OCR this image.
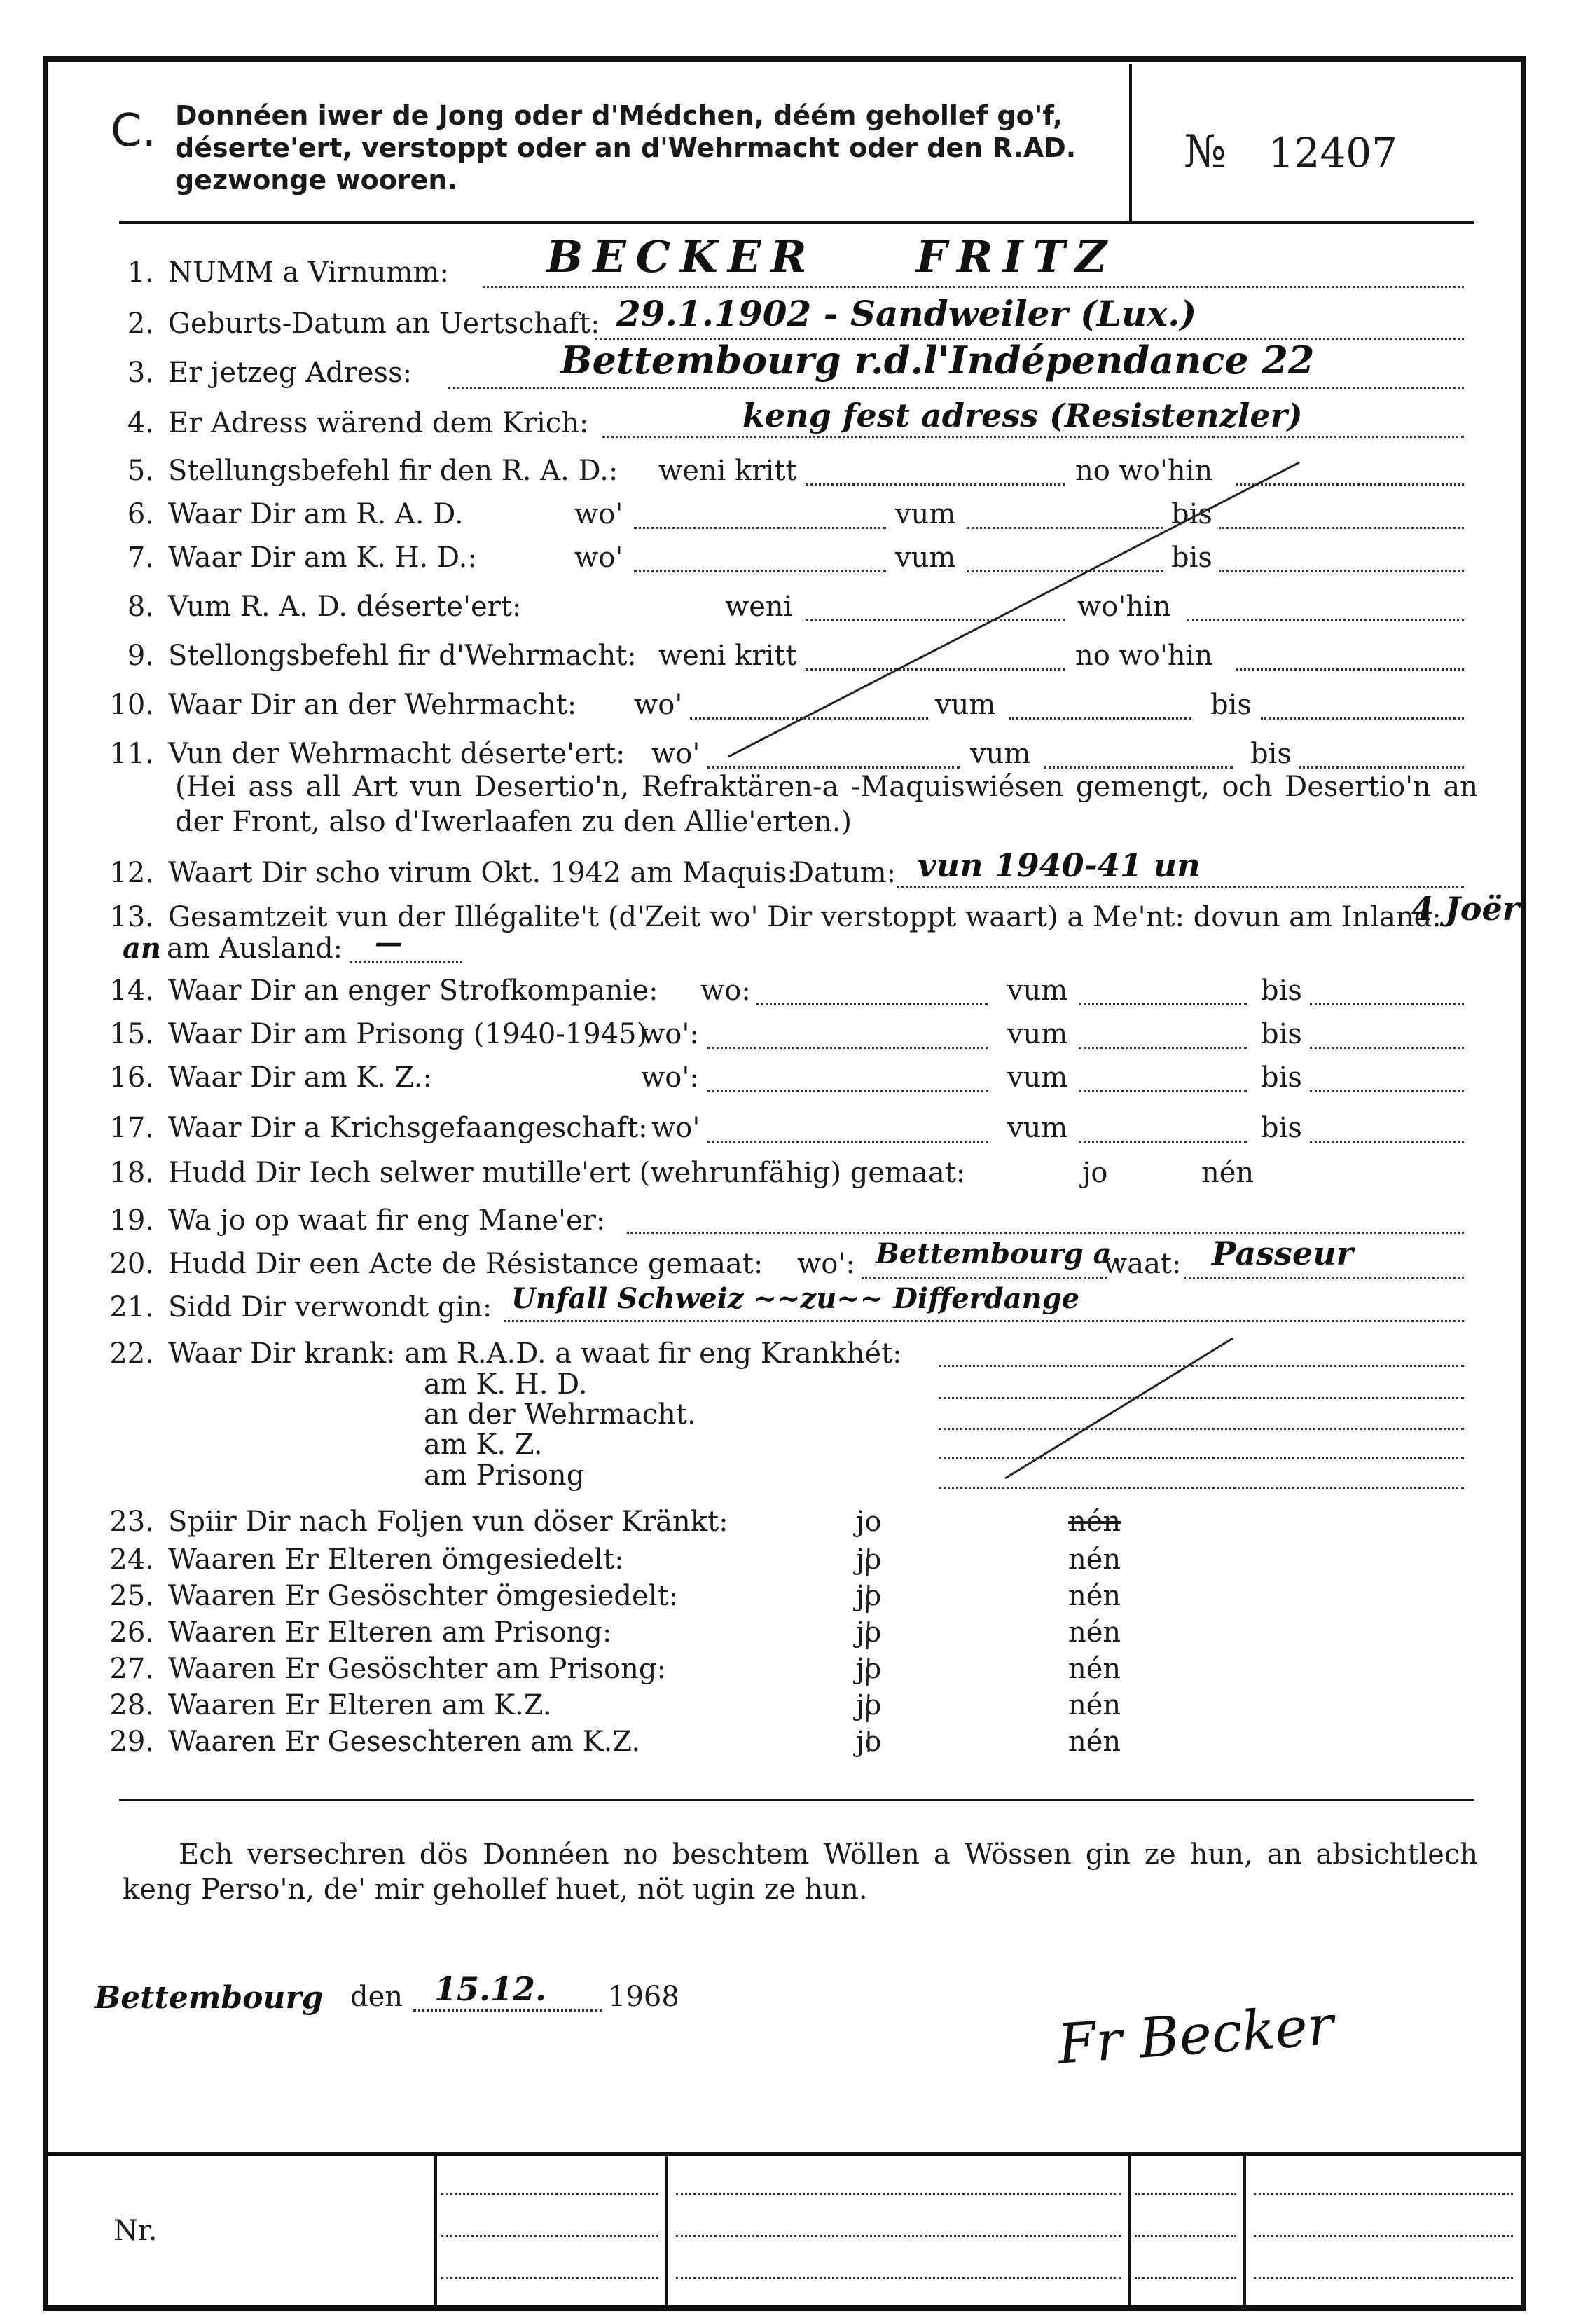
C. Donnéen iwer de Jong oder d'Médchen, déém gehollef go'f, déserte'ert, verstoppt oder an d'Wehrmacht oder den R.AD. gezwonge wooren.
№ 12407
1. NUMM a Virnumm: BECKER    FRITZ
2. Geburts-Datum an Uertschaft: 29.1.1902 - Sandweiler (Lux.)
3. Er jetzeg Adress:	Bettembourg r.d.l'Indépendance 22
4. Er Adress wärend dem Krich:	keng fest adress (Resistenzler)
5. Stellungsbefehl fir den R. A. D.: weni kritt	no wo'hin
6. Waar Dir am R. A. D.	wo'	vum	bis
7. Waar Dir am K. H. D.:	wo'	vum	bis
8. Vum R. A. D. déserte'ert:	weni	wo'hin
9. Stellongsbefehl fir d'Wehrmacht: weni kritt	no wo'hin
10. Waar Dir an der Wehrmacht: wo'	vum	bis
11. Vun der Wehrmacht déserte'ert: wo'	vum	bis
(Hei ass all Art vun Desertio'n, Refraktären-a -Maquiswiésen gemengt, och Desertio'n an der Front, also d'Iwerlaafen zu den Allie'erten.)
12. Waart Dir scho virum Okt. 1942 am Maquis:
Datum: vun 1940-41 un
13. Gesamtzeit vun der Illégalite't (d'Zeit wo' Dir verstoppt waart) a Me'nt: dovun am Inland:
4 Joër
an am Ausland: —
14. Waar Dir an enger Strofkompanie: wo:	vum	bis
15. Waar Dir am Prisong (1940-1945)
wo':	vum	bis
16. Waar Dir am K. Z.:	wo':	vum	bis
17. Waar Dir a Krichsgefaangeschaft: wo'	vum	bis
18. Hudd Dir Iech selwer mutille'ert (wehrunfähig) gemaat:	jo	nén
19. Wa jo op waat fir eng Mane'er:
20. Hudd Dir een Acte de Résistance gemaat: wo': Bettembourg a.
waat: Passeur
21. Sidd Dir verwondt gin: Unfall Schweiz ~~zu~~ Differdange
22. Waar Dir krank: am R.A.D. a waat fir eng Krankhét:
am K. H. D.
an der Wehrmacht.
am K. Z.
am Prisong
23. Spiir Dir nach Foljen vun döser Kränkt:	jo	nén
24. Waaren Er Elteren ömgesiedelt:	jo	nén
25. Waaren Er Gesöschter ömgesiedelt:	jo	nén
26. Waaren Er Elteren am Prisong:	jo	nén
27. Waaren Er Gesöschter am Prisong:	jo	nén
28. Waaren Er Elteren am K.Z.	jo	nén
29. Waaren Er Geseschteren am K.Z.	jo	nén
Ech versechren dös Donnéen no beschtem Wöllen a Wössen gin ze hun, an absichtlech keng Perso'n, de' mir gehollef huet, nöt ugin ze hun.
Bettembourg den 15.12. 1968	Fr Becker
Nr.
